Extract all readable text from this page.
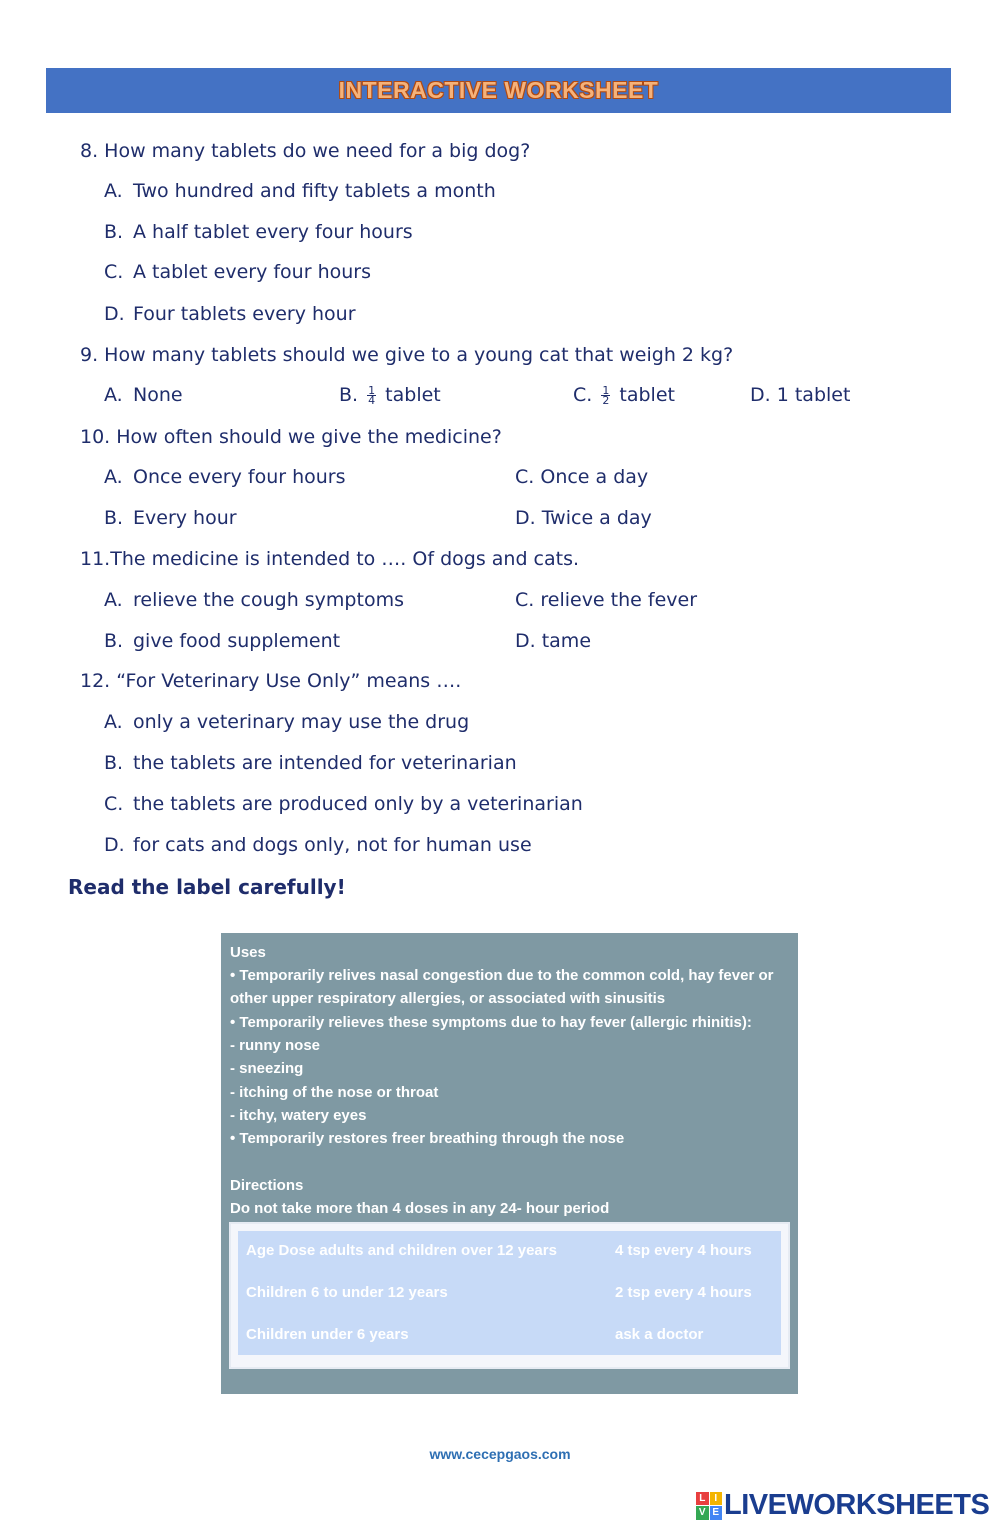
INTERACTIVE WORKSHEET
8. How many tablets do we need for a big dog?
A. Two hundred and fifty tablets a month
B. A half tablet every four hours
C. A tablet every four hours
D. Four tablets every hour
9. How many tablets should we give to a young cat that weigh 2 kg?
A. None	B. $\frac{1}{4}$ tablet	C. $\frac{1}{2}$ tablet	D. 1 tablet
10. How often should we give the medicine?
A. Once every four hours
B. Every hour
C. Once a day
D. Twice a day
11.The medicine is intended to …. Of dogs and cats.
A. relieve the cough symptoms
B. give food supplement
C. relieve the fever
D. tame
12. “For Veterinary Use Only” means ….
A. only a veterinary may use the drug
B. the tablets are intended for veterinarian
C. the tablets are produced only by a veterinarian
D. for cats and dogs only, not for human use
Read the label carefully!
Uses
• Temporarily relives nasal congestion due to the common cold, hay fever or
other upper respiratory allergies, or associated with sinusitis
• Temporarily relieves these symptoms due to hay fever (allergic rhinitis):
- runny nose
- sneezing
- itching of the nose or throat
- itchy, watery eyes
• Temporarily restores freer breathing through the nose
Directions
Do not take more than 4 doses in any 24- hour period
Age Dose adults and children over 12 years	4 tsp every 4 hours
Children 6 to under 12 years	2 tsp every 4 hours
Children under 6 years	ask a doctor
www.cecepgaos.com
L I
V E LIVEWORKSHEETS
